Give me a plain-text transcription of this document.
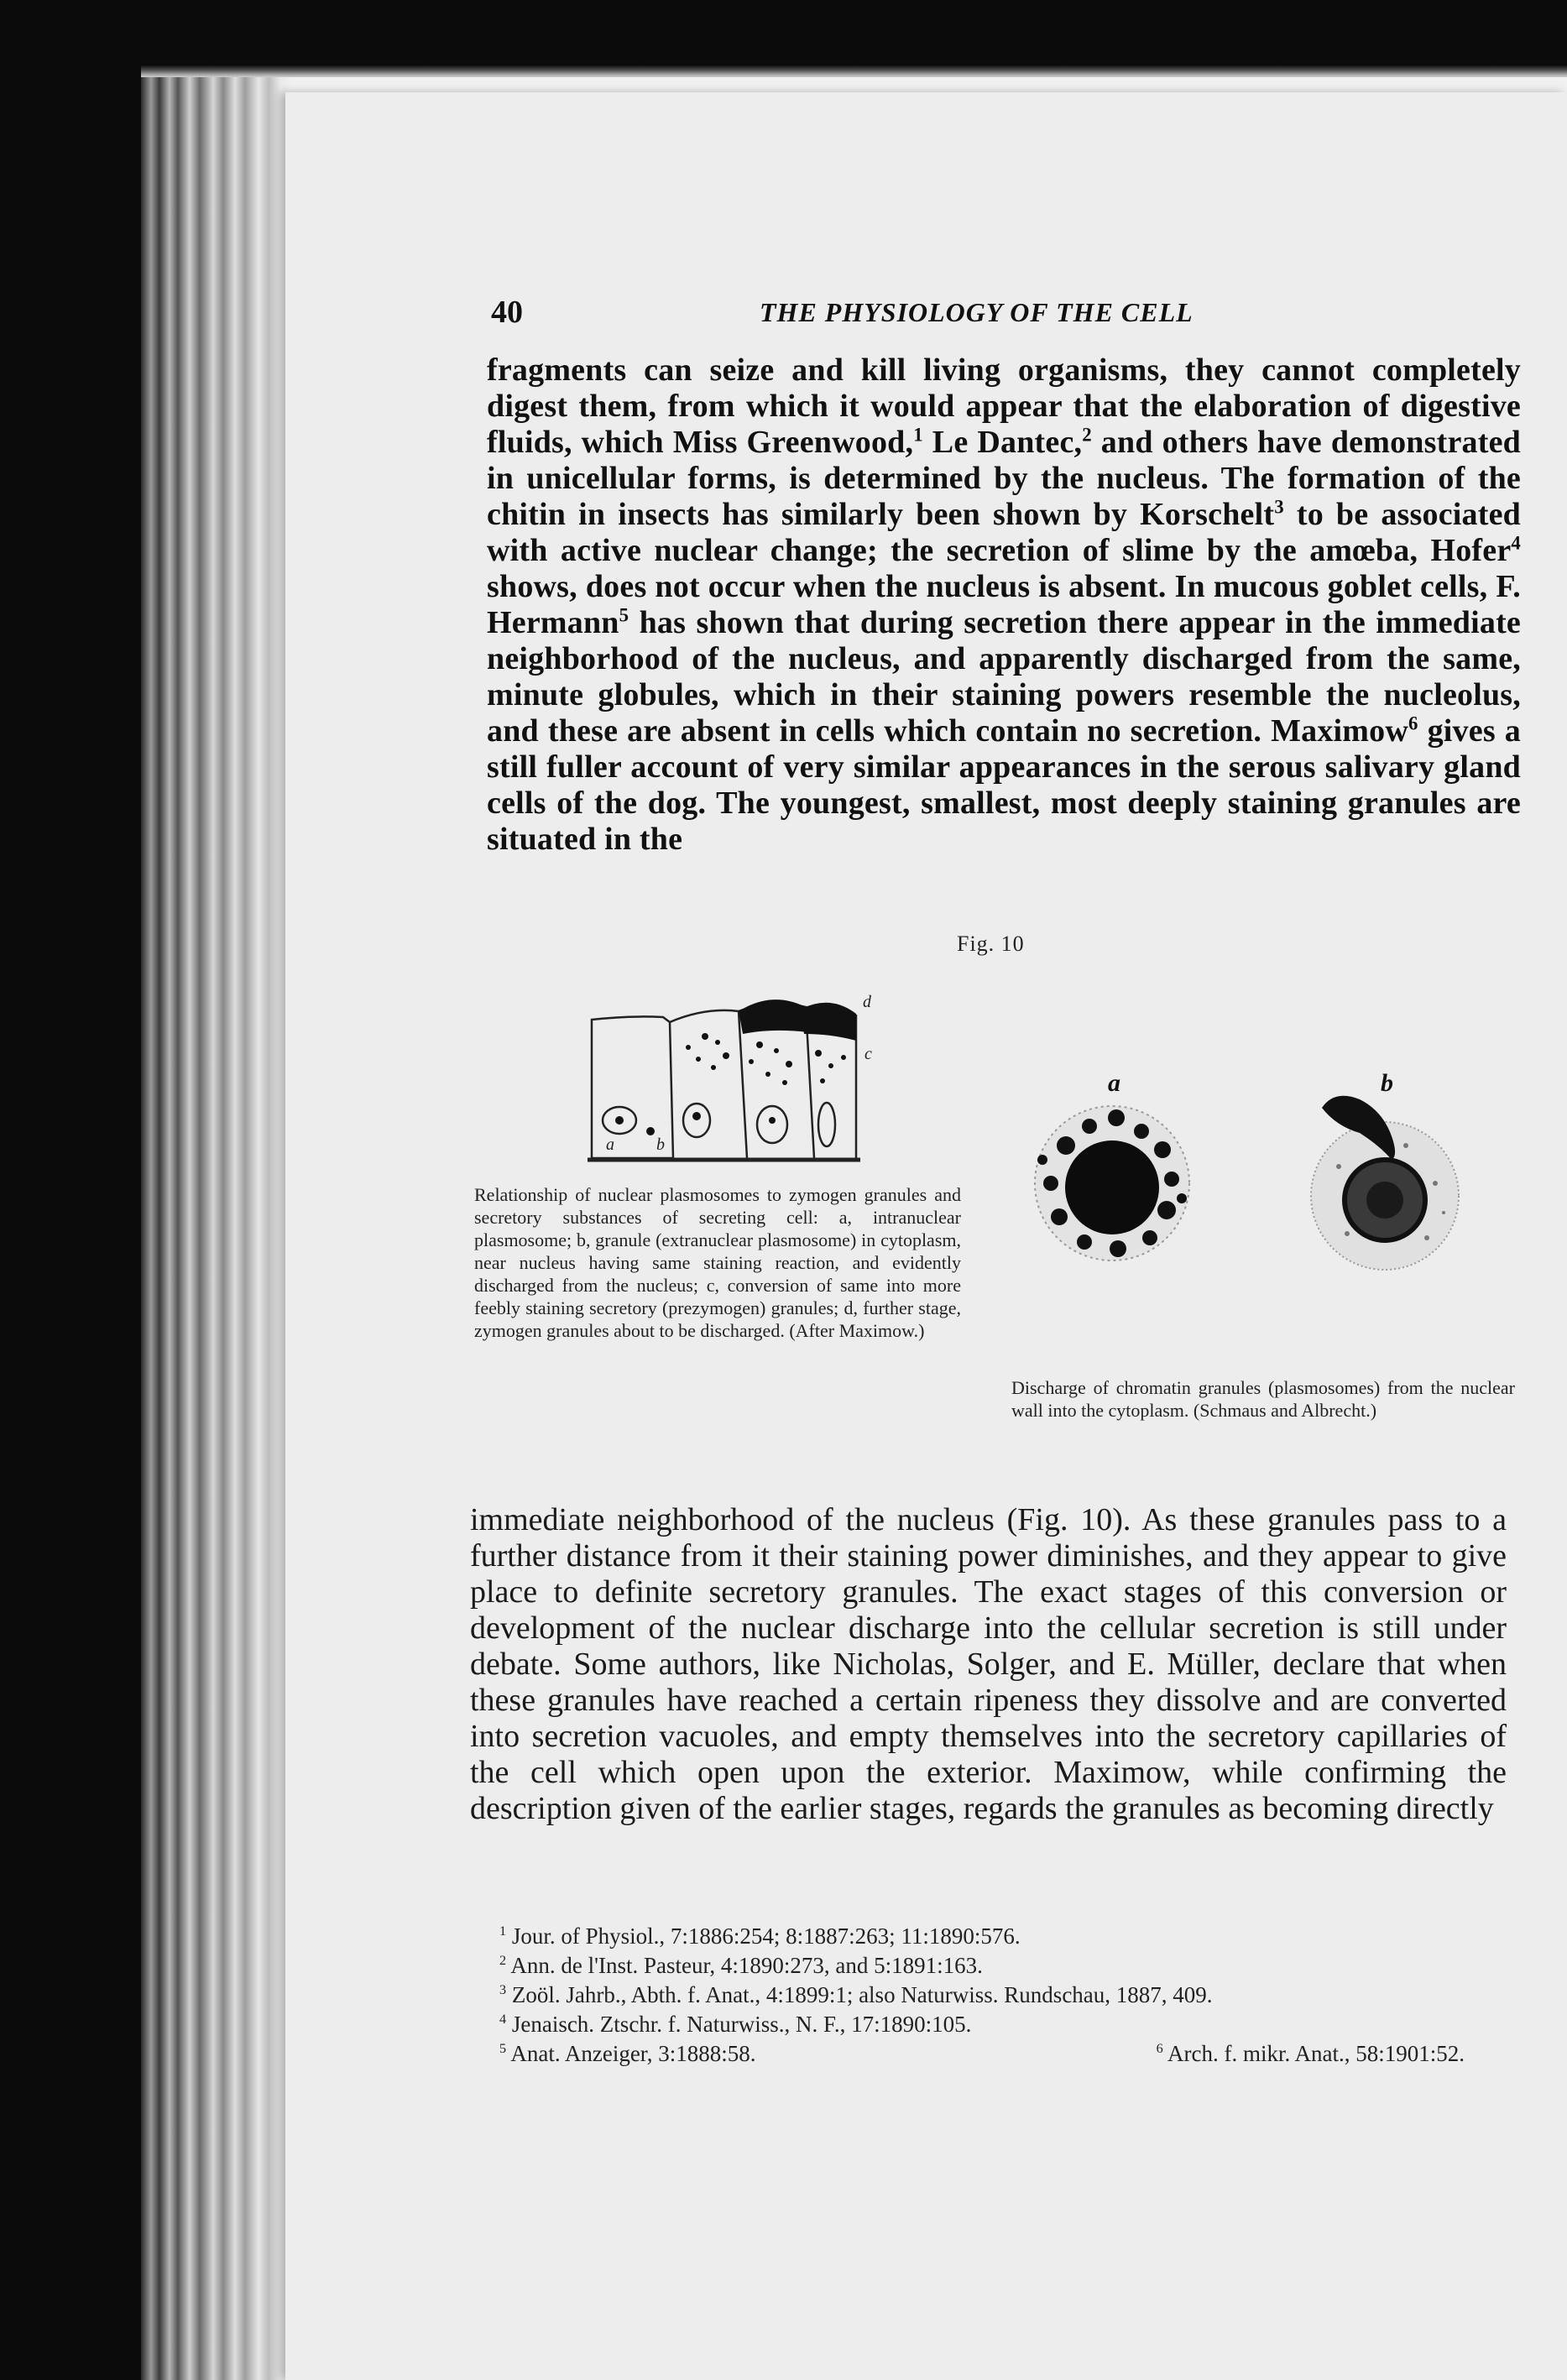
40	THE PHYSIOLOGY OF THE CELL
fragments can seize and kill living organisms, they cannot completely digest them, from which it would appear that the elaboration of digestive fluids, which Miss Greenwood,$^1$ Le Dantec,$^2$ and others have demonstrated in unicellular forms, is determined by the nucleus. The formation of the chitin in insects has similarly been shown by Korschelt$^3$ to be associated with active nuclear change; the secretion of slime by the amœba, Hofer$^4$ shows, does not occur when the nucleus is absent. In mucous goblet cells, F. Hermann$^5$ has shown that during secretion there appear in the immediate neighborhood of the nucleus, and apparently discharged from the same, minute globules, which in their staining powers resemble the nucleolus, and these are absent in cells which contain no secretion. Maximow$^6$ gives a still fuller account of very similar appearances in the serous salivary gland cells of the dog. The youngest, smallest, most deeply staining granules are situated in the
Fig. 10
a	b
c
d
a	b
Relationship of nuclear plasmosomes to zymogen granules and secretory substances of secreting cell: a, intranuclear plasmosome; b, granule (extranuclear plasmosome) in cytoplasm, near nucleus having same staining reaction, and evidently discharged from the nucleus; c, conversion of same into more feebly staining secretory (prezymogen) granules; d, further stage, zymogen granules about to be discharged. (After Maximow.)
Discharge of chromatin granules (plasmosomes) from the nuclear wall into the cytoplasm. (Schmaus and Albrecht.)
immediate neighborhood of the nucleus (Fig. 10). As these granules pass to a further distance from it their staining power diminishes, and they appear to give place to definite secretory granules. The exact stages of this conversion or development of the nuclear discharge into the cellular secretion is still under debate. Some authors, like Nicholas, Solger, and E. Müller, declare that when these granules have reached a certain ripeness they dissolve and are converted into secretion vacuoles, and empty themselves into the secretory capillaries of the cell which open upon the exterior. Maximow, while confirming the description given of the earlier stages, regards the granules as becoming directly
$^1$ Jour. of Physiol., 7:1886:254; 8:1887:263; 11:1890:576.
$^2$ Ann. de l'Inst. Pasteur, 4:1890:273, and 5:1891:163.
$^3$ Zoöl. Jahrb., Abth. f. Anat., 4:1899:1; also Naturwiss. Rundschau, 1887, 409.
$^4$ Jenaisch. Ztschr. f. Naturwiss., N. F., 17:1890:105.
$^5$ Anat. Anzeiger, 3:1888:58.	$^6$ Arch. f. mikr. Anat., 58:1901:52.
